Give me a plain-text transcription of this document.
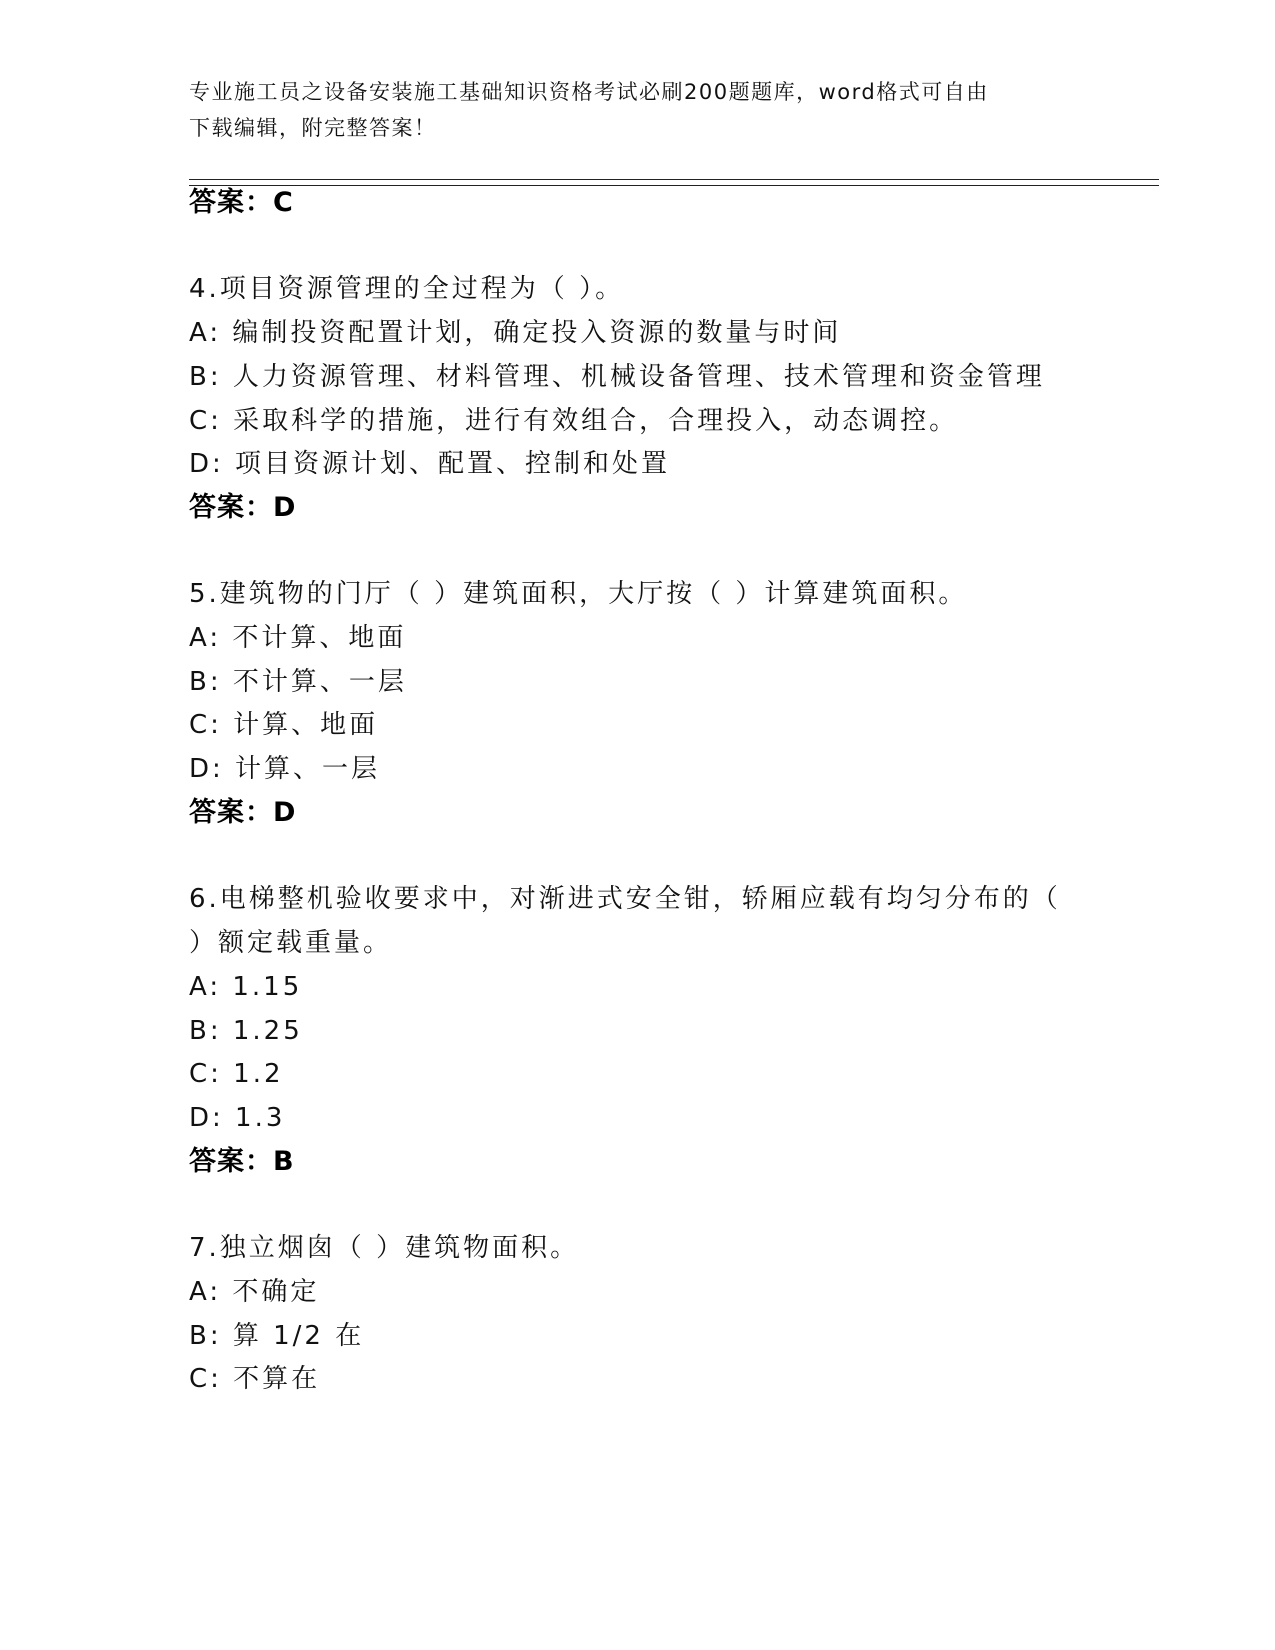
专业施工员之设备安装施工基础知识资格考试必刷200题题库，word格式可自由
下载编辑，附完整答案！
答案：C
4.项目资源管理的全过程为（ ）。
A: 编制投资配置计划，确定投入资源的数量与时间
B: 人力资源管理、材料管理、机械设备管理、技术管理和资金管理
C: 采取科学的措施，进行有效组合，合理投入，动态调控。
D: 项目资源计划、配置、控制和处置
答案：D
5.建筑物的门厅（ ）建筑面积，大厅按（ ）计算建筑面积。
A: 不计算、地面
B: 不计算、一层
C: 计算、地面
D: 计算、一层
答案：D
6.电梯整机验收要求中，对渐进式安全钳，轿厢应载有均匀分布的（
）额定载重量。
A: 1.15
B: 1.25
C: 1.2
D: 1.3
答案：B
7.独立烟囱（ ）建筑物面积。
A: 不确定
B: 算 1/2 在
C: 不算在
